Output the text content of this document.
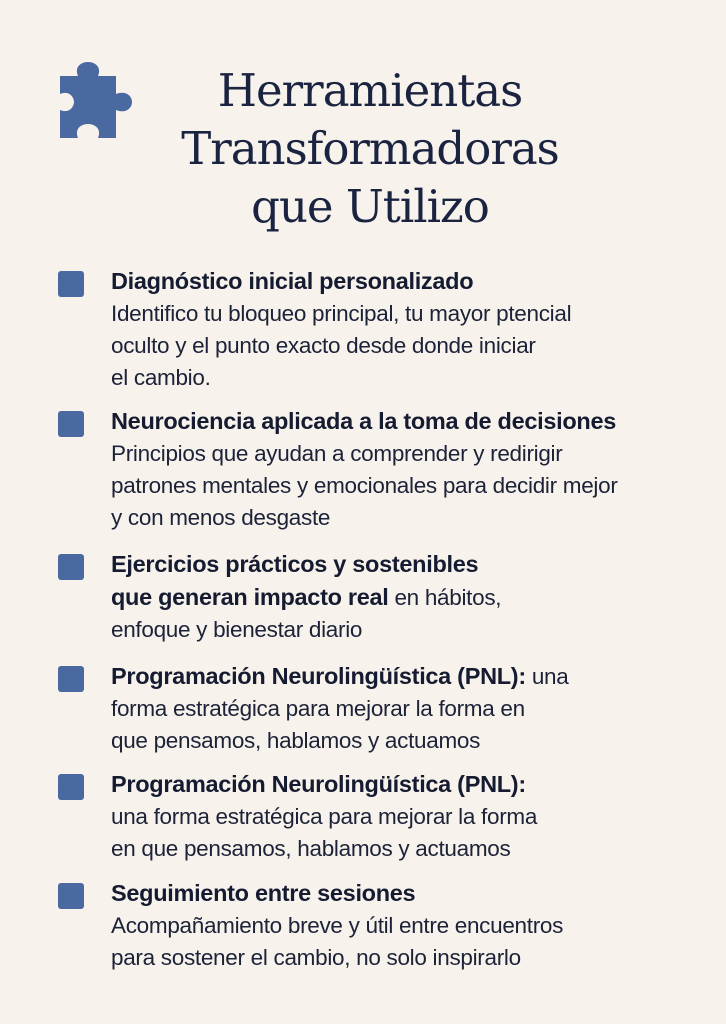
Herramientas
Transformadoras
que Utilizo
Diagnóstico inicial personalizado
Identifico tu bloqueo principal, tu mayor ptencial
oculto y el punto exacto desde donde iniciar
el cambio.
Neurociencia aplicada a la toma de decisiones
Principios que ayudan a comprender y redirigir
patrones mentales y emocionales para decidir mejor
y con menos desgaste
Ejercicios prácticos y sostenibles
que generan impacto real en hábitos,
enfoque y bienestar diario
Programación Neurolingüística (PNL): una
forma estratégica para mejorar la forma en
que pensamos, hablamos y actuamos
Programación Neurolingüística (PNL):
una forma estratégica para mejorar la forma
en que pensamos, hablamos y actuamos
Seguimiento entre sesiones
Acompañamiento breve y útil entre encuentros
para sostener el cambio, no solo inspirarlo
